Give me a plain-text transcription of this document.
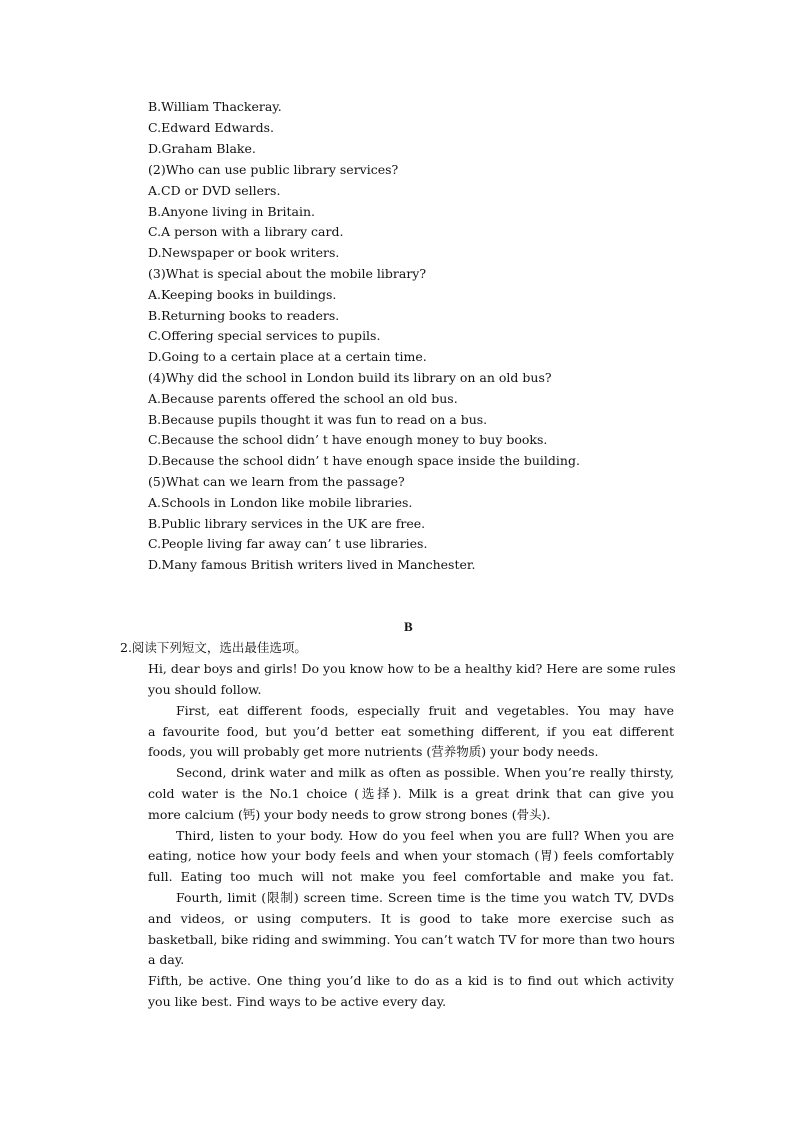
B.William Thackeray.
C.Edward Edwards.
D.Graham Blake.
(2)Who can use public library services?
A.CD or DVD sellers.
B.Anyone living in Britain.
C.A person with a library card.
D.Newspaper or book writers.
(3)What is special about the mobile library?
A.Keeping books in buildings.
B.Returning books to readers.
C.Offering special services to pupils.
D.Going to a certain place at a certain time.
(4)Why did the school in London build its library on an old bus?
A.Because parents offered the school an old bus.
B.Because pupils thought it was fun to read on a bus.
C.Because the school didn’ t have enough money to buy books.
D.Because the school didn’ t have enough space inside the building.
(5)What can we learn from the passage?
A.Schools in London like mobile libraries.
B.Public library services in the UK are free.
C.People living far away can’ t use libraries.
D.Many famous British writers lived in Manchester.
B
2.阅读下列短文，选出最佳选项。
Hi, dear boys and girls! Do you know how to be a healthy kid? Here are some rules
you should follow.
First, eat different foods, especially fruit and vegetables. You may have
a favourite food, but you’d better eat something different, if you eat different
foods, you will probably get more nutrients (营养物质) your body needs.
Second, drink water and milk as often as possible. When you’re really thirsty,
cold water is the No.1 choice (选择). Milk is a great drink that can give you
more calcium (钙) your body needs to grow strong bones (骨头).
Third, listen to your body. How do you feel when you are full? When you are
eating, notice how your body feels and when your stomach (胃) feels comfortably
full. Eating too much will not make you feel comfortable and make you fat.
Fourth, limit (限制) screen time. Screen time is the time you watch TV, DVDs
and videos, or using computers. It is good to take more exercise such as
basketball, bike riding and swimming. You can’t watch TV for more than two hours
a day.
Fifth, be active. One thing you’d like to do as a kid is to find out which activity
you like best. Find ways to be active every day.
